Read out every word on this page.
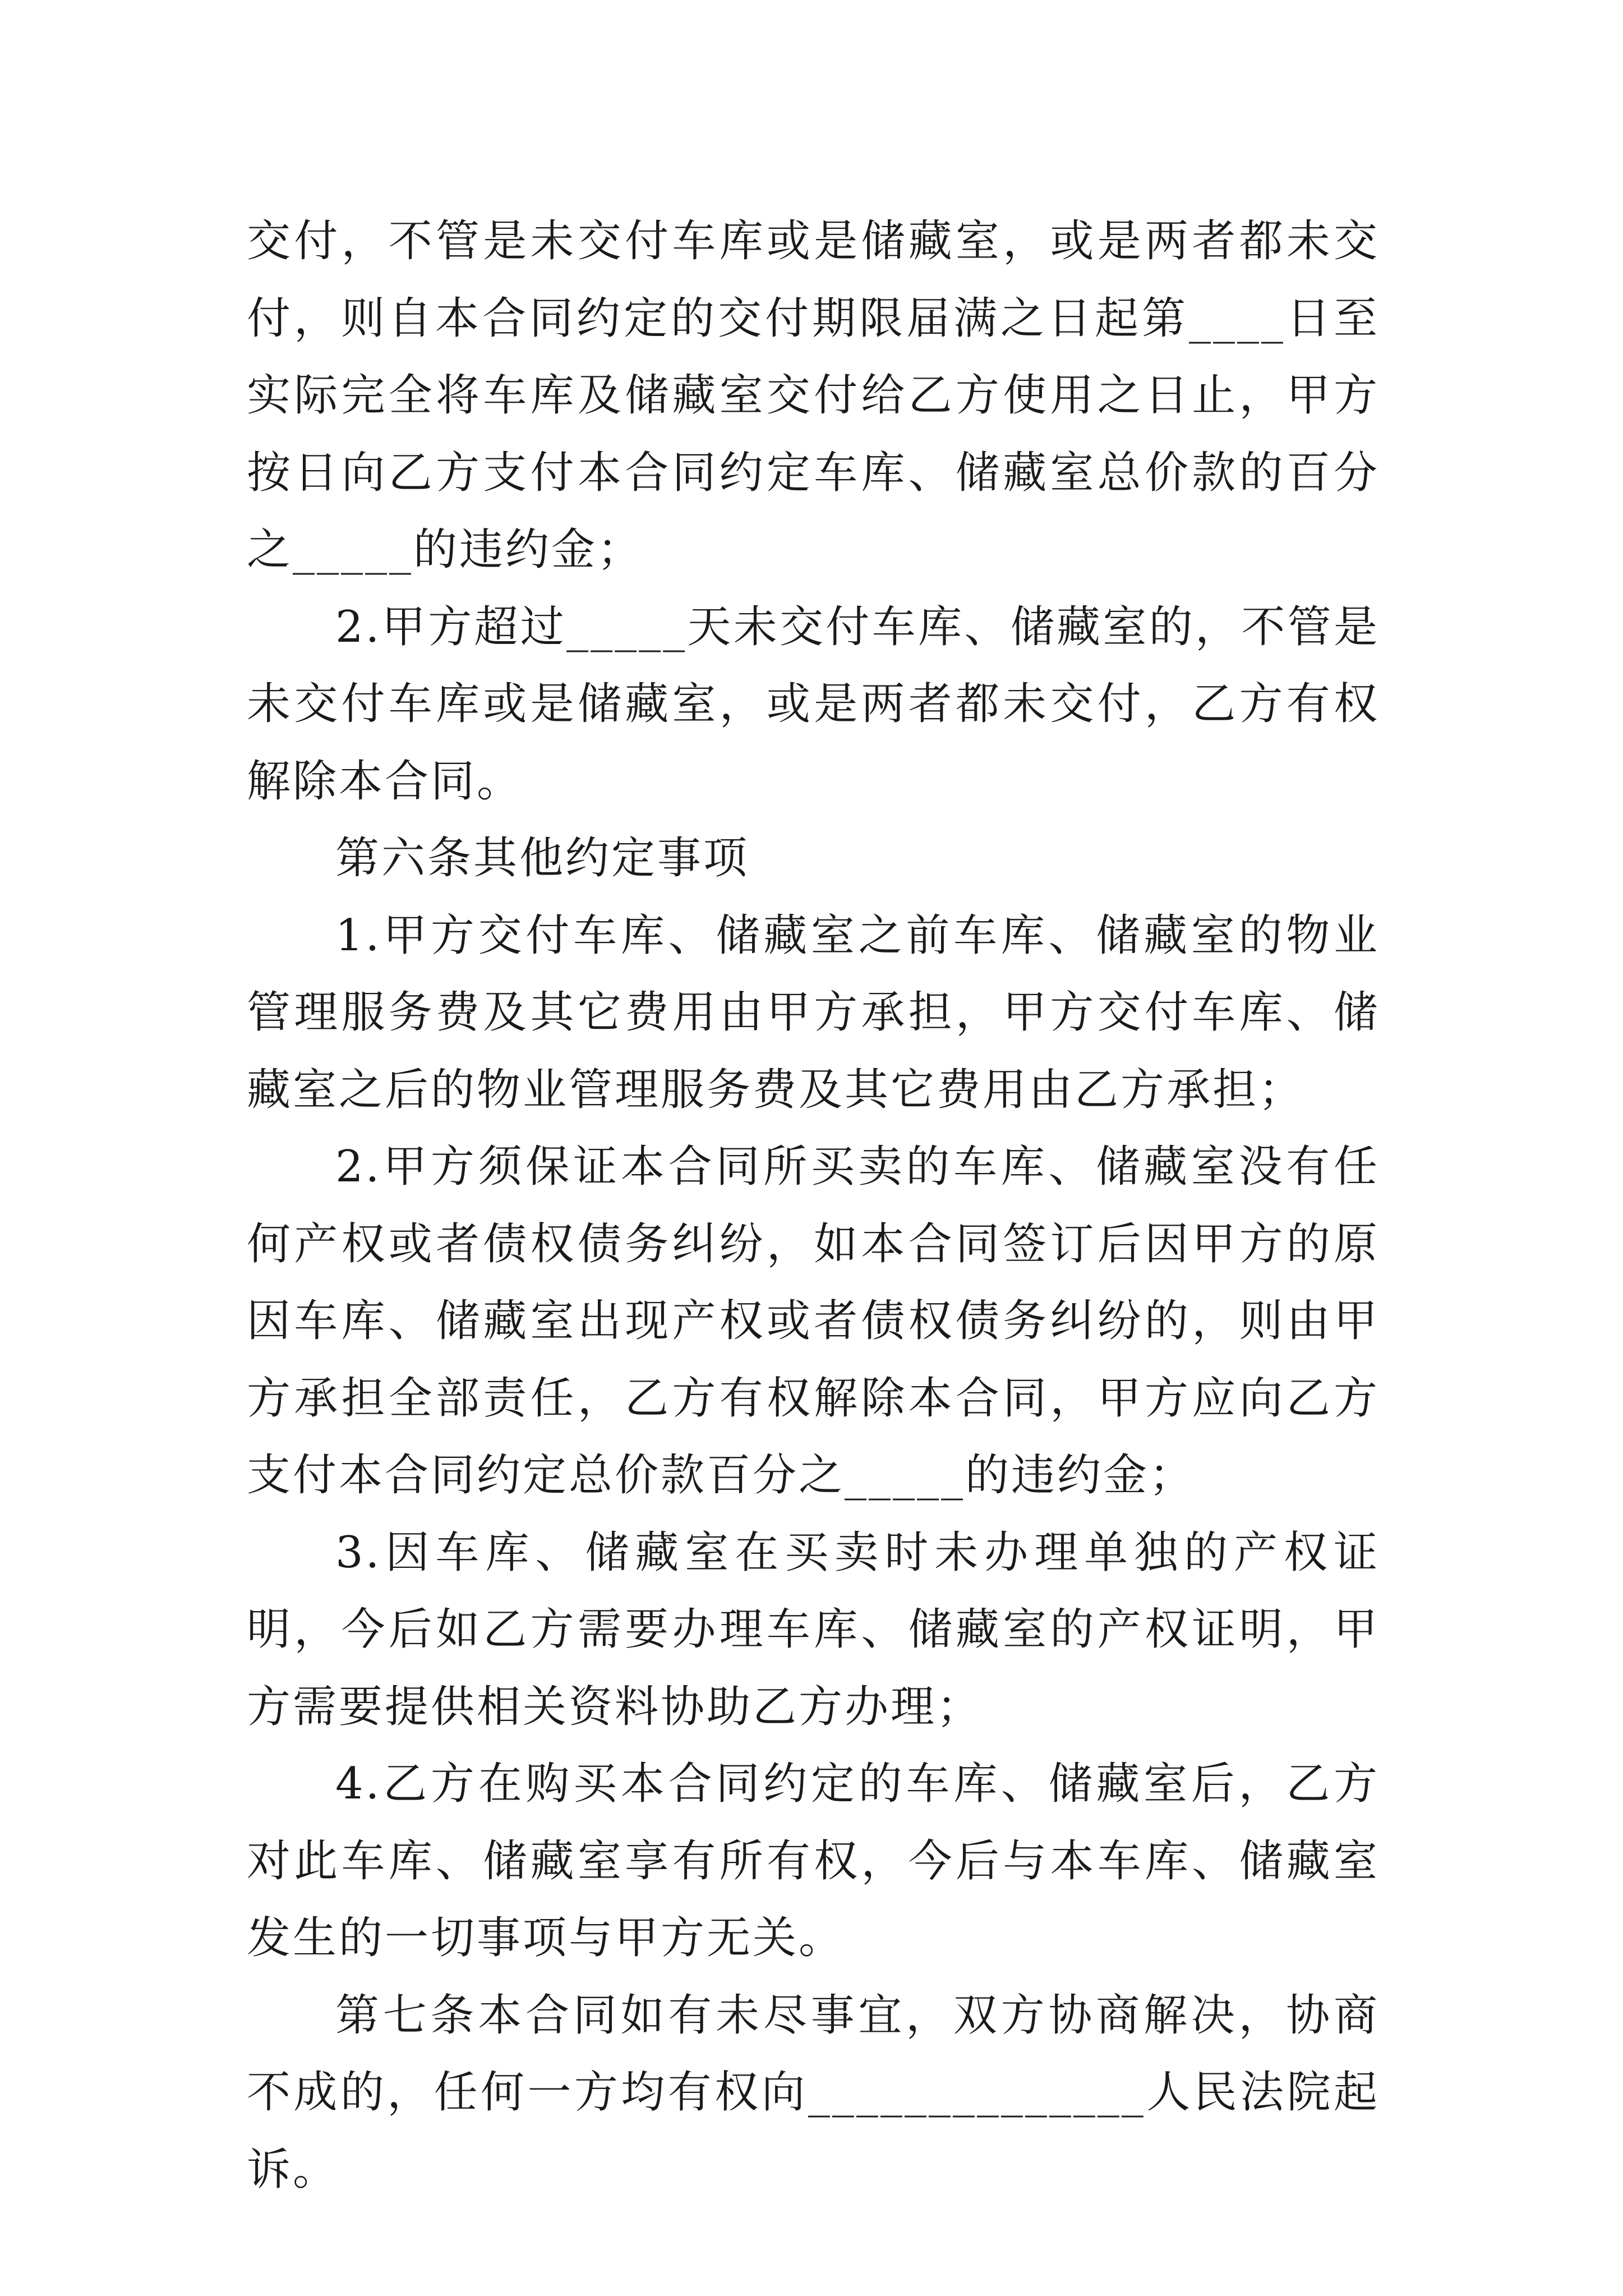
交付，不管是未交付车库或是储藏室，或是两者都未交付，则自本合同约定的交付期限届满之日起第____日至实际完全将车库及储藏室交付给乙方使用之日止，甲方按日向乙方支付本合同约定车库、储藏室总价款的百分之_____的违约金；

2.甲方超过_____天未交付车库、储藏室的，不管是未交付车库或是储藏室，或是两者都未交付，乙方有权解除本合同。

第六条其他约定事项

1.甲方交付车库、储藏室之前车库、储藏室的物业管理服务费及其它费用由甲方承担，甲方交付车库、储藏室之后的物业管理服务费及其它费用由乙方承担；

2.甲方须保证本合同所买卖的车库、储藏室没有任何产权或者债权债务纠纷，如本合同签订后因甲方的原因车库、储藏室出现产权或者债权债务纠纷的，则由甲方承担全部责任，乙方有权解除本合同，甲方应向乙方支付本合同约定总价款百分之_____的违约金；

3.因车库、储藏室在买卖时未办理单独的产权证明，今后如乙方需要办理车库、储藏室的产权证明，甲方需要提供相关资料协助乙方办理；

4.乙方在购买本合同约定的车库、储藏室后，乙方对此车库、储藏室享有所有权，今后与本车库、储藏室发生的一切事项与甲方无关。

第七条本合同如有未尽事宜，双方协商解决，协商不成的，任何一方均有权向______________人民法院起诉。
